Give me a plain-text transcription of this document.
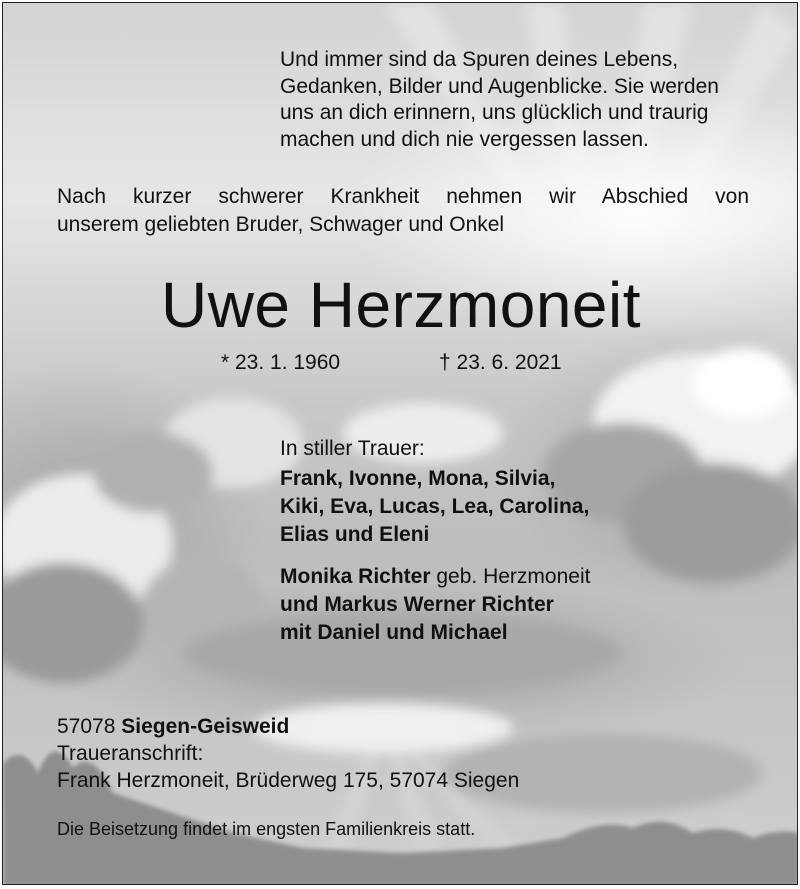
Und immer sind da Spuren deines Lebens,
Gedanken, Bilder und Augenblicke. Sie werden
uns an dich erinnern, uns glücklich und traurig
machen und dich nie vergessen lassen.
Nach kurzer schwerer Krankheit nehmen wir Abschied von
unserem geliebten Bruder, Schwager und Onkel
Uwe Herzmoneit
* 23. 1. 1960	† 23. 6. 2021
In stiller Trauer:
Frank, Ivonne, Mona, Silvia,
Kiki, Eva, Lucas, Lea, Carolina,
Elias und Eleni
Monika Richter geb. Herzmoneit
und Markus Werner Richter
mit Daniel und Michael
57078 Siegen-Geisweid
Traueranschrift:
Frank Herzmoneit, Brüderweg 175, 57074 Siegen
Die Beisetzung findet im engsten Familienkreis statt.
